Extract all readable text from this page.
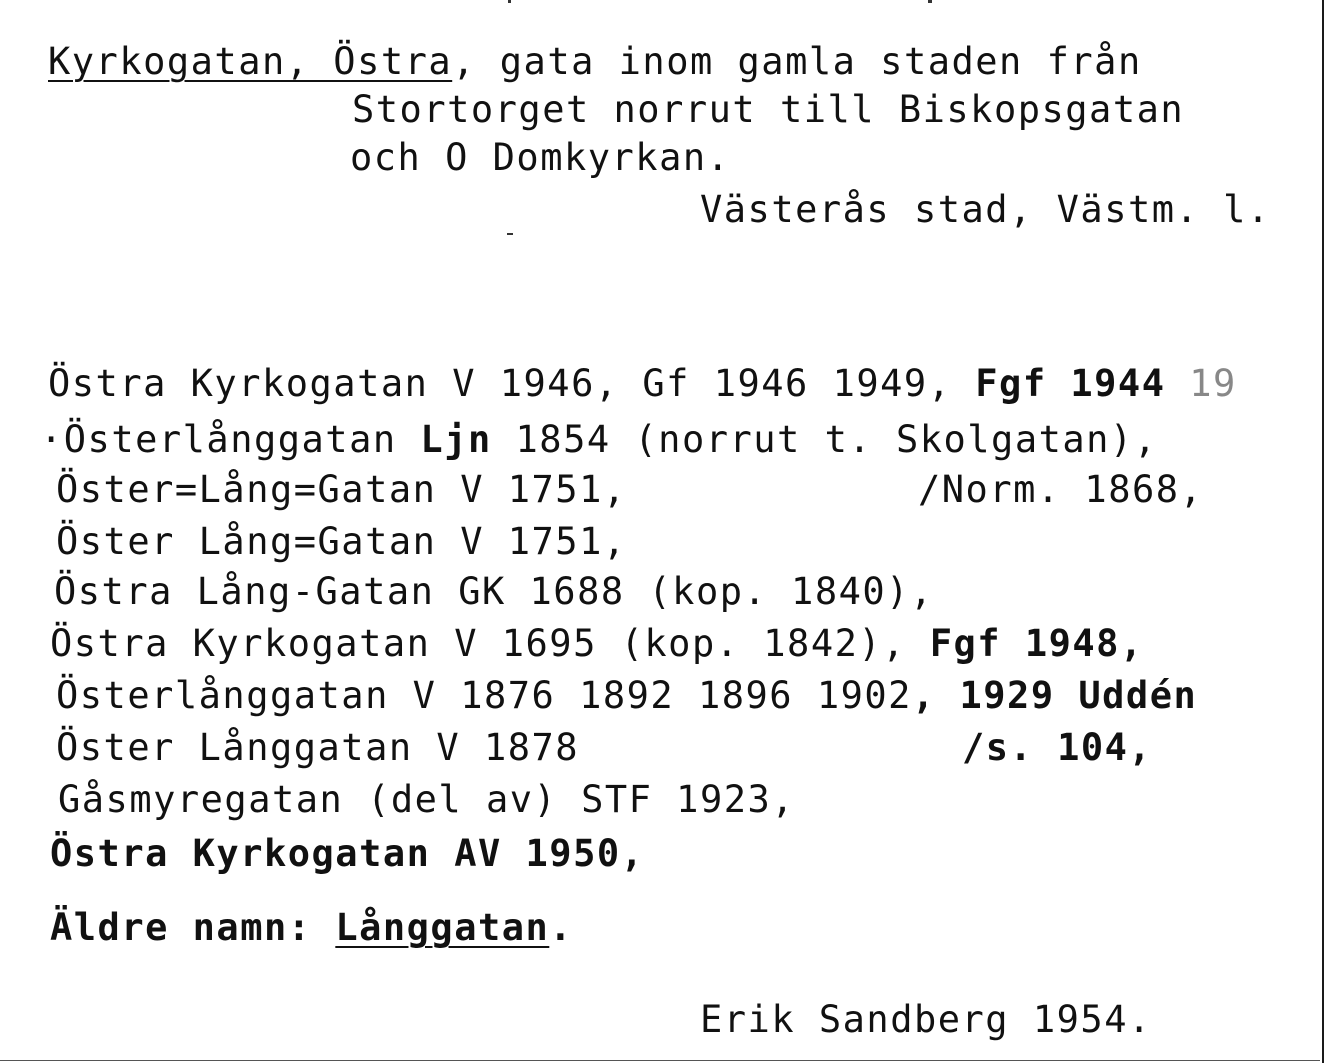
Kyrkogatan, Östra, gata inom gamla staden från
Stortorget norrut till Biskopsgatan
och O Domkyrkan.
Västerås stad, Västm. l.
Östra Kyrkogatan V 1946, Gf 1946 1949, Fgf 1944 19
·Österlånggatan Ljn 1854 (norrut t. Skolgatan),
Öster=Lång=Gatan V 1751,	/Norm. 1868,
Öster Lång=Gatan V 1751,
Östra Lång-Gatan GK 1688 (kop. 1840),
Östra Kyrkogatan V 1695 (kop. 1842), Fgf 1948,
Österlånggatan V 1876 1892 1896 1902, 1929 Uddén
Öster Långgatan V 1878	/s. 104,
Gåsmyregatan (del av) STF 1923,
Östra Kyrkogatan AV 1950,
Äldre namn: Långgatan.
Erik Sandberg 1954.
